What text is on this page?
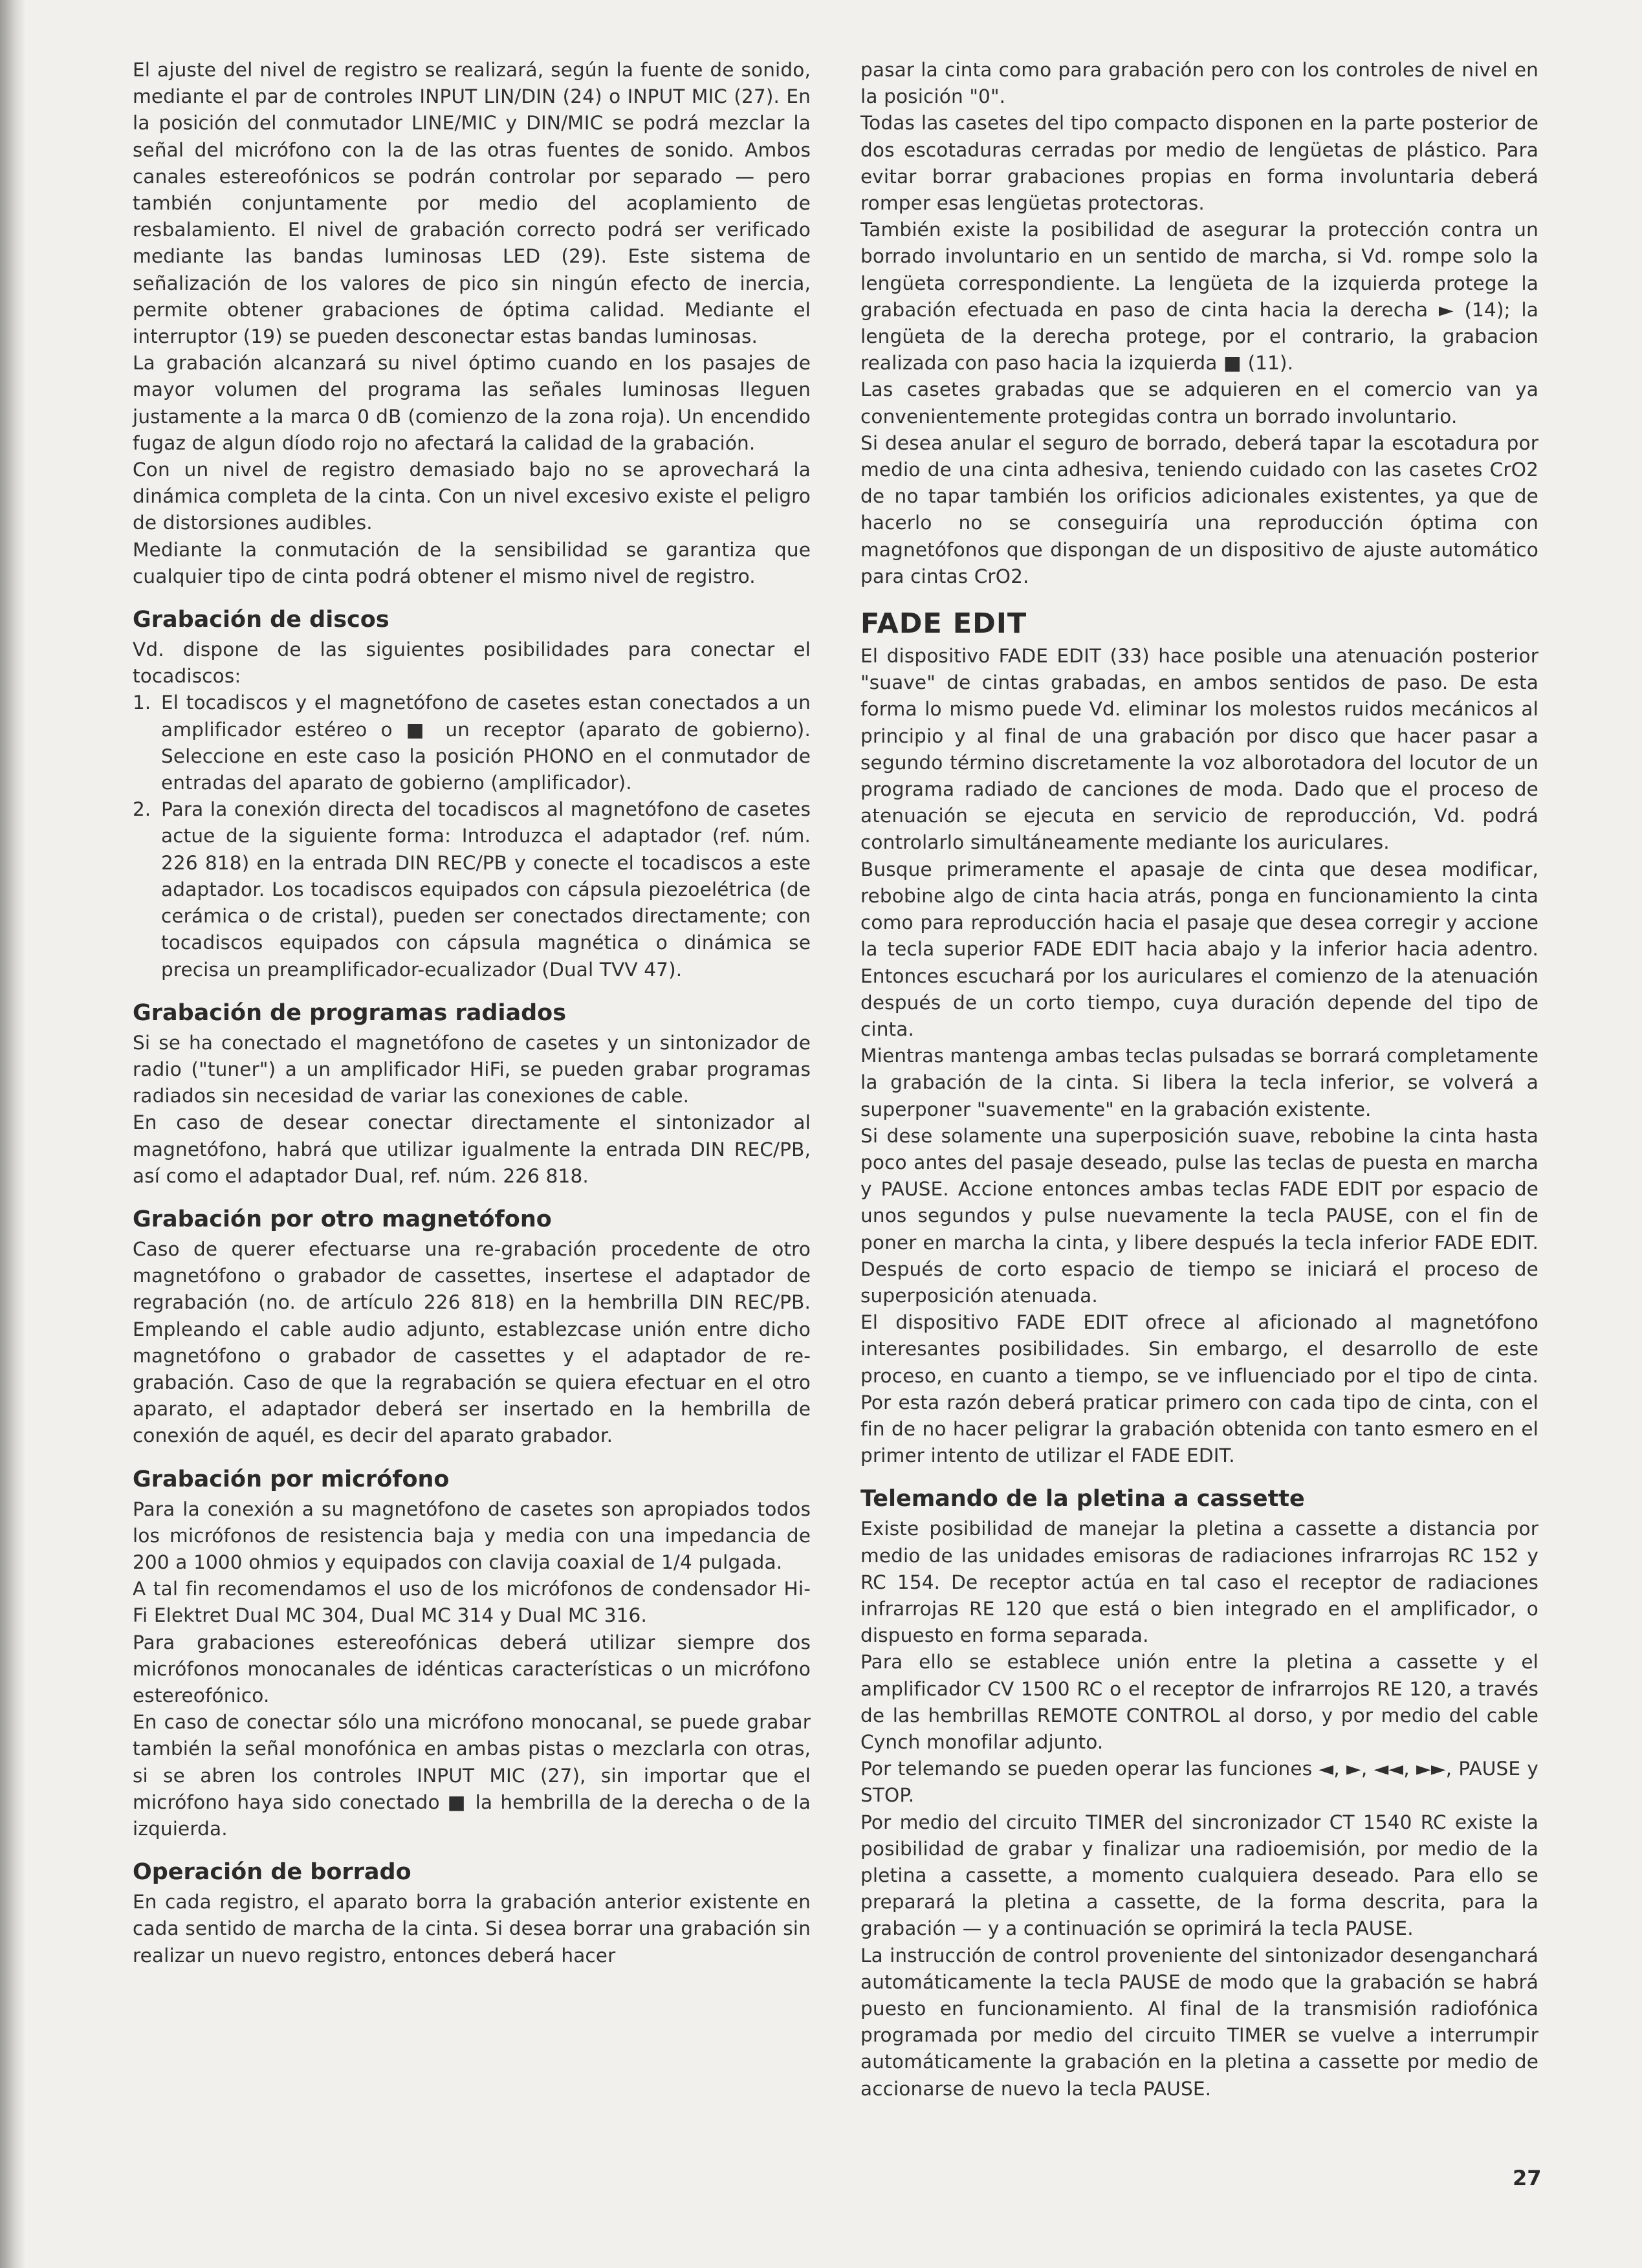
El ajuste del nivel de registro se realizará, según la fuente de sonido, mediante el par de controles INPUT LIN/DIN (24) o INPUT MIC (27). En la posición del conmutador LINE/MIC y DIN/MIC se podrá mezclar la señal del micrófono con la de las otras fuentes de sonido. Ambos canales estereofónicos se podrán controlar por separado — pero también conjuntamente por medio del acoplamiento de resbalamiento. El nivel de grabación correcto podrá ser verificado mediante las bandas luminosas LED (29). Este sistema de señalización de los valores de pico sin ningún efecto de inercia, permite obtener grabaciones de óptima calidad. Mediante el interruptor (19) se pueden desconectar estas bandas luminosas.

La grabación alcanzará su nivel óptimo cuando en los pasajes de mayor volumen del programa las señales luminosas lleguen justamente a la marca 0 dB (comienzo de la zona roja). Un encendido fugaz de algun díodo rojo no afectará la calidad de la grabación.

Con un nivel de registro demasiado bajo no se aprovechará la dinámica completa de la cinta. Con un nivel excesivo existe el peligro de distorsiones audibles.

Mediante la conmutación de la sensibilidad se garantiza que cualquier tipo de cinta podrá obtener el mismo nivel de registro.

Grabación de discos

Vd. dispone de las siguientes posibilidades para conectar el tocadiscos:

1. El tocadiscos y el magnetófono de casetes estan conectados a un amplificador estéreo o ■ un receptor (aparato de gobierno). Seleccione en este caso la posición PHONO en el conmutador de entradas del aparato de gobierno (amplificador).

2. Para la conexión directa del tocadiscos al magnetófono de casetes actue de la siguiente forma: Introduzca el adaptador (ref. núm. 226 818) en la entrada DIN REC/PB y conecte el tocadiscos a este adaptador. Los tocadiscos equipados con cápsula piezoelétrica (de cerámica o de cristal), pueden ser conectados directamente; con tocadiscos equipados con cápsula magnética o dinámica se precisa un preamplificador-ecualizador (Dual TVV 47).

Grabación de programas radiados

Si se ha conectado el magnetófono de casetes y un sintonizador de radio ("tuner") a un amplificador HiFi, se pueden grabar programas radiados sin necesidad de variar las conexiones de cable.

En caso de desear conectar directamente el sintonizador al magnetófono, habrá que utilizar igualmente la entrada DIN REC/PB, así como el adaptador Dual, ref. núm. 226 818.

Grabación por otro magnetófono

Caso de querer efectuarse una re-grabación procedente de otro magnetófono o grabador de cassettes, insertese el adaptador de regrabación (no. de artículo 226 818) en la hembrilla DIN REC/PB. Empleando el cable audio adjunto, establezcase unión entre dicho magnetófono o grabador de cassettes y el adaptador de re-grabación. Caso de que la regrabación se quiera efectuar en el otro aparato, el adaptador deberá ser insertado en la hembrilla de conexión de aquél, es decir del aparato grabador.

Grabación por micrófono

Para la conexión a su magnetófono de casetes son apropiados todos los micrófonos de resistencia baja y media con una impedancia de 200 a 1000 ohmios y equipados con clavija coaxial de 1/4 pulgada.

A tal fin recomendamos el uso de los micrófonos de condensador Hi-Fi Elektret Dual MC 304, Dual MC 314 y Dual MC 316.

Para grabaciones estereofónicas deberá utilizar siempre dos micrófonos monocanales de idénticas características o un micrófono estereofónico.

En caso de conectar sólo una micrófono monocanal, se puede grabar también la señal monofónica en ambas pistas o mezclarla con otras, si se abren los controles INPUT MIC (27), sin importar que el micrófono haya sido conectado ■ la hembrilla de la derecha o de la izquierda.

Operación de borrado

En cada registro, el aparato borra la grabación anterior existente en cada sentido de marcha de la cinta. Si desea borrar una grabación sin realizar un nuevo registro, entonces deberá hacer

pasar la cinta como para grabación pero con los controles de nivel en la posición "0".

Todas las casetes del tipo compacto disponen en la parte posterior de dos escotaduras cerradas por medio de lengüetas de plástico. Para evitar borrar grabaciones propias en forma involuntaria deberá romper esas lengüetas protectoras.

También existe la posibilidad de asegurar la protección contra un borrado involuntario en un sentido de marcha, si Vd. rompe solo la lengüeta correspondiente. La lengüeta de la izquierda protege la grabación efectuada en paso de cinta hacia la derecha ► (14); la lengüeta de la derecha protege, por el contrario, la grabacion realizada con paso hacia la izquierda ■ (11).

Las casetes grabadas que se adquieren en el comercio van ya convenientemente protegidas contra un borrado involuntario.

Si desea anular el seguro de borrado, deberá tapar la escotadura por medio de una cinta adhesiva, teniendo cuidado con las casetes CrO2 de no tapar también los orificios adicionales existentes, ya que de hacerlo no se conseguiría una reproducción óptima con magnetófonos que dispongan de un dispositivo de ajuste automático para cintas CrO2.

FADE EDIT

El dispositivo FADE EDIT (33) hace posible una atenuación posterior "suave" de cintas grabadas, en ambos sentidos de paso. De esta forma lo mismo puede Vd. eliminar los molestos ruidos mecánicos al principio y al final de una grabación por disco que hacer pasar a segundo término discretamente la voz alborotadora del locutor de un programa radiado de canciones de moda. Dado que el proceso de atenuación se ejecuta en servicio de reproducción, Vd. podrá controlarlo simultáneamente mediante los auriculares.

Busque primeramente el apasaje de cinta que desea modificar, rebobine algo de cinta hacia atrás, ponga en funcionamiento la cinta como para reproducción hacia el pasaje que desea corregir y accione la tecla superior FADE EDIT hacia abajo y la inferior hacia adentro. Entonces escuchará por los auriculares el comienzo de la atenuación después de un corto tiempo, cuya duración depende del tipo de cinta.

Mientras mantenga ambas teclas pulsadas se borrará completamente la grabación de la cinta. Si libera la tecla inferior, se volverá a superponer "suavemente" en la grabación existente.

Si dese solamente una superposición suave, rebobine la cinta hasta poco antes del pasaje deseado, pulse las teclas de puesta en marcha y PAUSE. Accione entonces ambas teclas FADE EDIT por espacio de unos segundos y pulse nuevamente la tecla PAUSE, con el fin de poner en marcha la cinta, y libere después la tecla inferior FADE EDIT. Después de corto espacio de tiempo se iniciará el proceso de superposición atenuada.

El dispositivo FADE EDIT ofrece al aficionado al magnetófono interesantes posibilidades. Sin embargo, el desarrollo de este proceso, en cuanto a tiempo, se ve influenciado por el tipo de cinta. Por esta razón deberá praticar primero con cada tipo de cinta, con el fin de no hacer peligrar la grabación obtenida con tanto esmero en el primer intento de utilizar el FADE EDIT.

Telemando de la pletina a cassette

Existe posibilidad de manejar la pletina a cassette a distancia por medio de las unidades emisoras de radiaciones infrarrojas RC 152 y RC 154. De receptor actúa en tal caso el receptor de radiaciones infrarrojas RE 120 que está o bien integrado en el amplificador, o dispuesto en forma separada.

Para ello se establece unión entre la pletina a cassette y el amplificador CV 1500 RC o el receptor de infrarrojos RE 120, a través de las hembrillas REMOTE CONTROL al dorso, y por medio del cable Cynch monofilar adjunto.

Por telemando se pueden operar las funciones ◄, ►, ◄◄, ►►, PAUSE y STOP.

Por medio del circuito TIMER del sincronizador CT 1540 RC existe la posibilidad de grabar y finalizar una radioemisión, por medio de la pletina a cassette, a momento cualquiera deseado. Para ello se preparará la pletina a cassette, de la forma descrita, para la grabación — y a continuación se oprimirá la tecla PAUSE.

La instrucción de control proveniente del sintonizador desenganchará automáticamente la tecla PAUSE de modo que la grabación se habrá puesto en funcionamiento. Al final de la transmisión radiofónica programada por medio del circuito TIMER se vuelve a interrumpir automáticamente la grabación en la pletina a cassette por medio de accionarse de nuevo la tecla PAUSE.

27
